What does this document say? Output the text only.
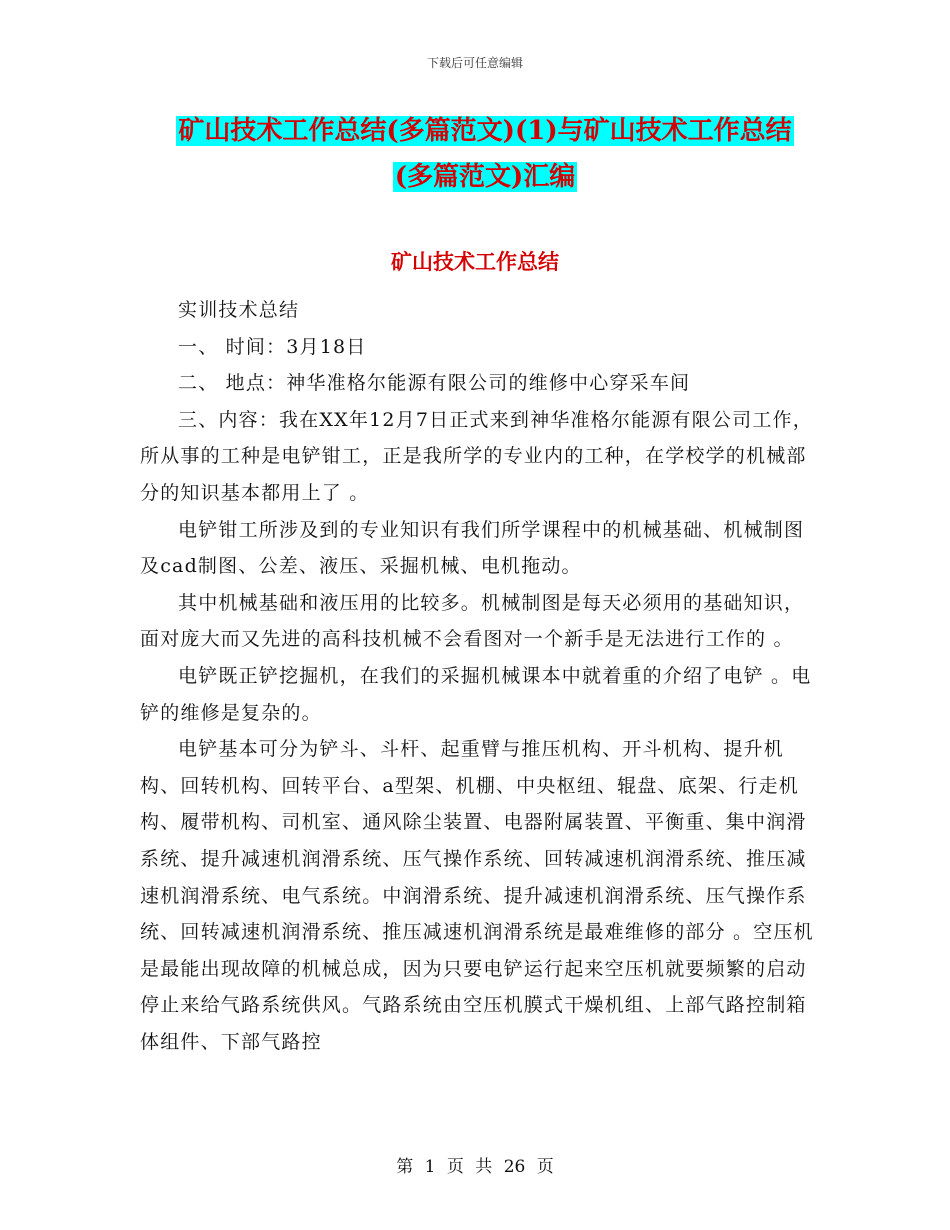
下载后可任意编辑
矿山技术工作总结(多篇范文)(1)与矿山技术工作总结
(多篇范文)汇编
矿山技术工作总结

实训技术总结

一、 时间：3月18日

二、 地点：神华准格尔能源有限公司的维修中心穿采车间

三、内容：我在XX年12月7日正式来到神华准格尔能源有限公司工作，所从事的工种是电铲钳工，正是我所学的专业内的工种，在学校学的机械部分的知识基本都用上了 。

电铲钳工所涉及到的专业知识有我们所学课程中的机械基础、机械制图及cad制图、公差、液压、采掘机械、电机拖动。

其中机械基础和液压用的比较多。机械制图是每天必须用的基础知识，面对庞大而又先进的高科技机械不会看图对一个新手是无法进行工作的 。

电铲既正铲挖掘机，在我们的采掘机械课本中就着重的介绍了电铲 。电铲的维修是复杂的。

电铲基本可分为铲斗、斗杆、起重臂与推压机构、开斗机构、提升机构、回转机构、回转平台、a型架、机棚、中央枢纽、辊盘、底架、行走机构、履带机构、司机室、通风除尘装置、电器附属装置、平衡重、集中润滑系统、提升减速机润滑系统、压气操作系统、回转减速机润滑系统、推压减速机润滑系统、电气系统。中润滑系统、提升减速机润滑系统、压气操作系统、回转减速机润滑系统、推压减速机润滑系统是最难维修的部分 。空压机是最能出现故障的机械总成，因为只要电铲运行起来空压机就要频繁的启动停止来给气路系统供风。气路系统由空压机膜式干燥机组、上部气路控制箱体组件、下部气路控

第 1 页 共 26 页
